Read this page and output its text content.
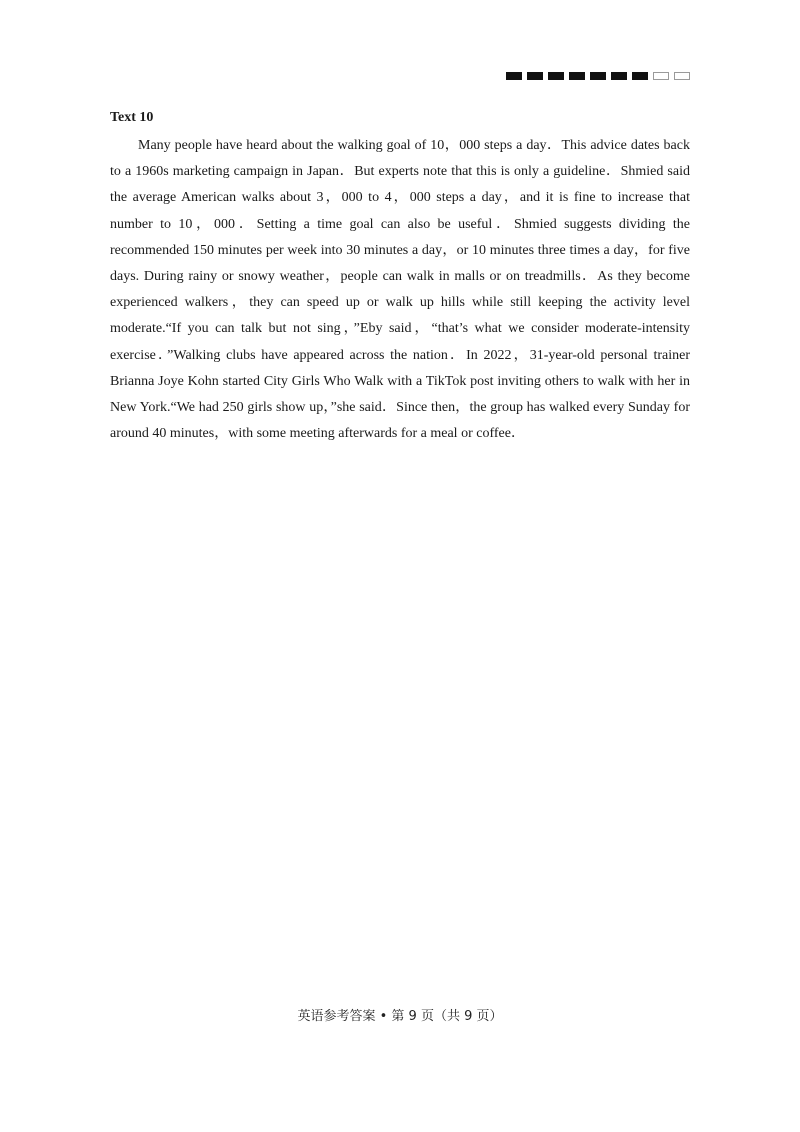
Text 10

Many people have heard about the walking goal of 10，000 steps a day．This advice dates back to a 1960s marketing campaign in Japan．But experts note that this is only a guideline．Shmied said the average American walks about 3，000 to 4，000 steps a day，and it is fine to increase that number to 10，000．Setting a time goal can also be useful．Shmied suggests dividing the recommended 150 minutes per week into 30 minutes a day，or 10 minutes three times a day，for five days. During rainy or snowy weather，people can walk in malls or on treadmills．As they become experienced walkers，they can speed up or walk up hills while still keeping the activity level moderate.“If you can talk but not sing，”Eby said，“that’s what we consider moderate-intensity exercise．”Walking clubs have appeared across the nation．In 2022，31-year-old personal trainer Brianna Joye Kohn started City Girls Who Walk with a TikTok post inviting others to walk with her in New York.“We had 250 girls show up，”she said．Since then，the group has walked every Sunday for around 40 minutes，with some meeting afterwards for a meal or coffee．

英语参考答案 • 第 9 页（共 9 页）
